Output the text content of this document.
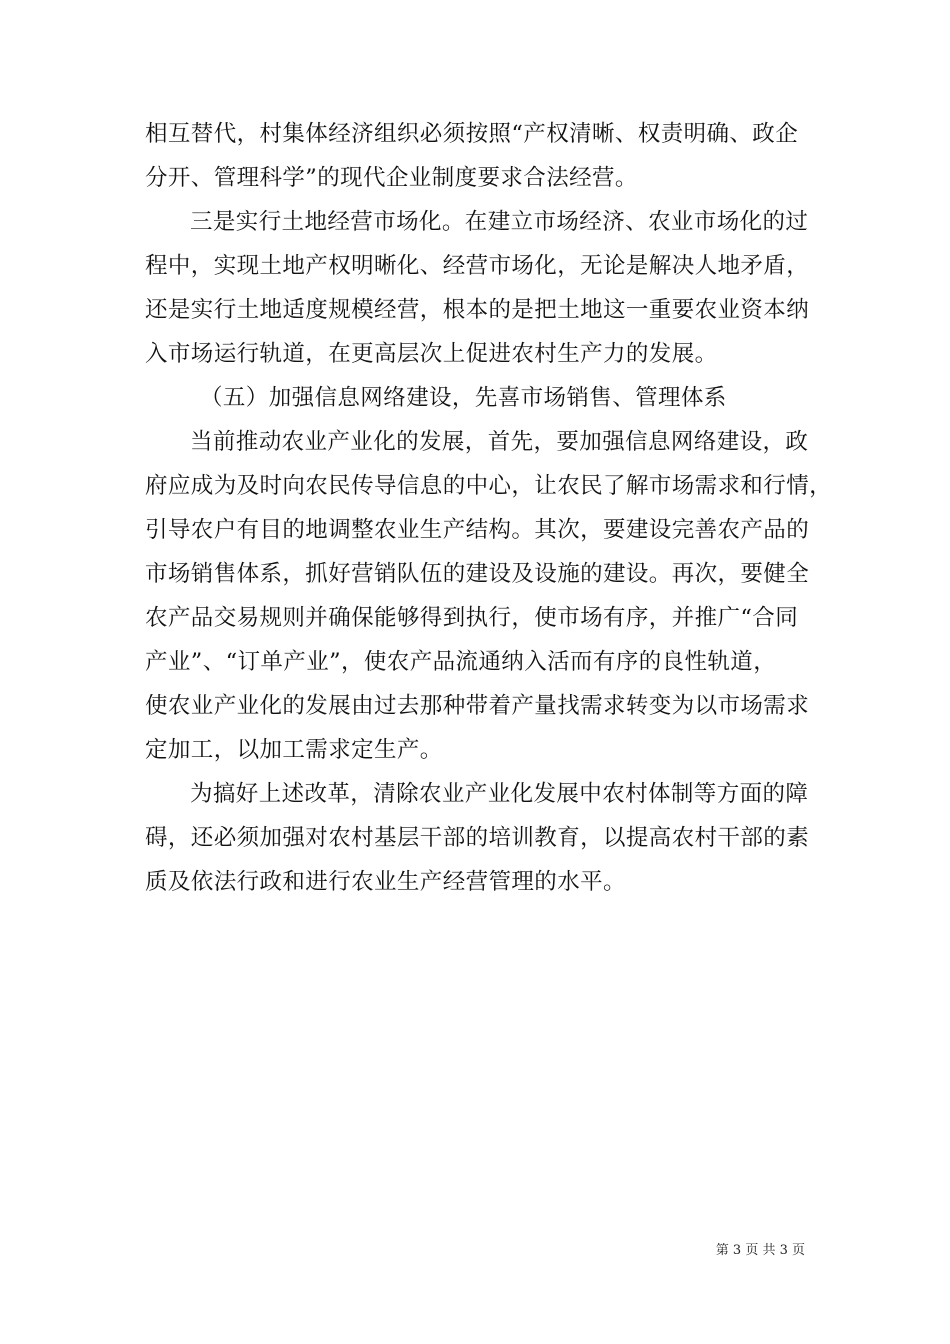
相互替代，村集体经济组织必须按照“产权清晰、权责明确、政企
分开、管理科学”的现代企业制度要求合法经营。
三是实行土地经营市场化。在建立市场经济、农业市场化的过
程中，实现土地产权明晰化、经营市场化，无论是解决人地矛盾，
还是实行土地适度规模经营，根本的是把土地这一重要农业资本纳
入市场运行轨道，在更高层次上促进农村生产力的发展。
（五）加强信息网络建设，先喜市场销售、管理体系
当前推动农业产业化的发展，首先，要加强信息网络建设，政
府应成为及时向农民传导信息的中心，让农民了解市场需求和行情，
引导农户有目的地调整农业生产结构。其次，要建设完善农产品的
市场销售体系，抓好营销队伍的建设及设施的建设。再次，要健全
农产品交易规则并确保能够得到执行，使市场有序，并推广“合同
产业”、“订单产业”，使农产品流通纳入活而有序的良性轨道，
使农业产业化的发展由过去那种带着产量找需求转变为以市场需求
定加工，以加工需求定生产。
为搞好上述改革，清除农业产业化发展中农村体制等方面的障
碍，还必须加强对农村基层干部的培训教育，以提高农村干部的素
质及依法行政和进行农业生产经营管理的水平。
第 3 页 共 3 页
